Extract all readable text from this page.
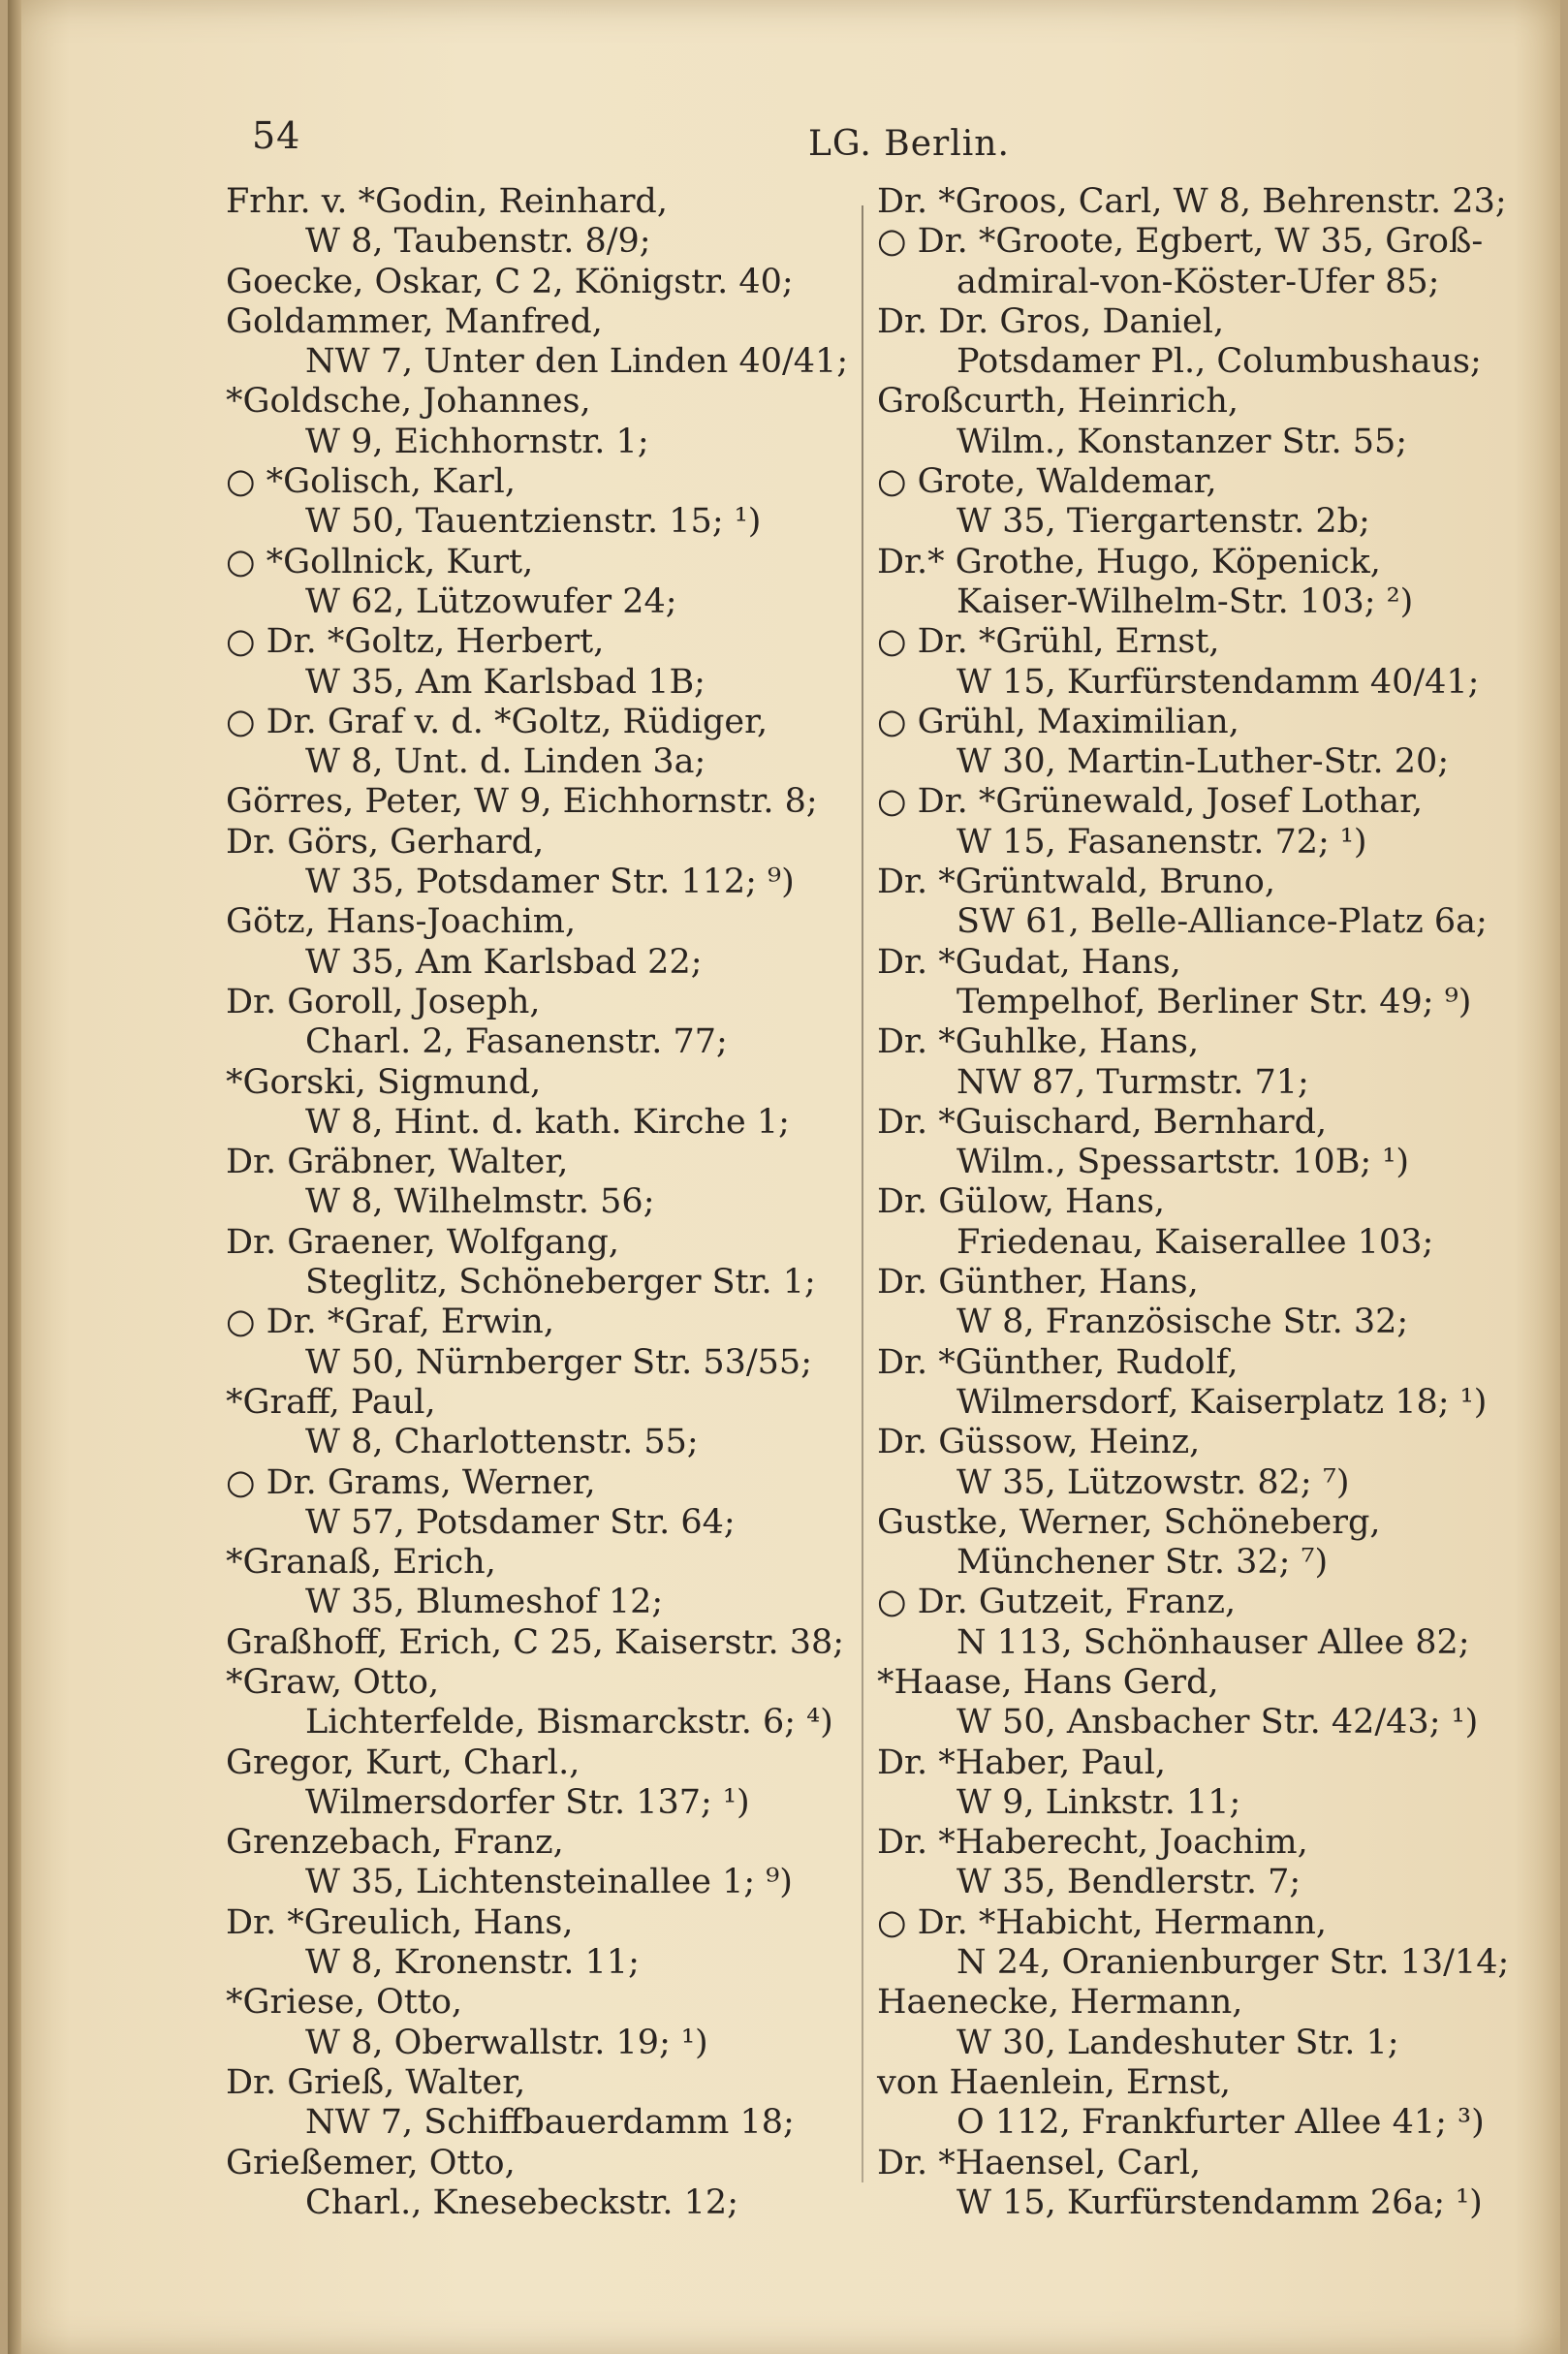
54	LG. Berlin.
Frhr. v. *Godin, Reinhard,
W 8, Taubenstr. 8/9;
Goecke, Oskar, C 2, Königstr. 40;
Goldammer, Manfred,
NW 7, Unter den Linden 40/41;
*Goldsche, Johannes,
W 9, Eichhornstr. 1;
○ *Golisch, Karl,
W 50, Tauentzienstr. 15; ¹)
○ *Gollnick, Kurt,
W 62, Lützowufer 24;
○ Dr. *Goltz, Herbert,
W 35, Am Karlsbad 1B;
○ Dr. Graf v. d. *Goltz, Rüdiger,
W 8, Unt. d. Linden 3a;
Görres, Peter, W 9, Eichhornstr. 8;
Dr. Görs, Gerhard,
W 35, Potsdamer Str. 112; ⁹)
Götz, Hans-Joachim,
W 35, Am Karlsbad 22;
Dr. Goroll, Joseph,
Charl. 2, Fasanenstr. 77;
*Gorski, Sigmund,
W 8, Hint. d. kath. Kirche 1;
Dr. Gräbner, Walter,
W 8, Wilhelmstr. 56;
Dr. Graener, Wolfgang,
Steglitz, Schöneberger Str. 1;
○ Dr. *Graf, Erwin,
W 50, Nürnberger Str. 53/55;
*Graff, Paul,
W 8, Charlottenstr. 55;
○ Dr. Grams, Werner,
W 57, Potsdamer Str. 64;
*Granaß, Erich,
W 35, Blumeshof 12;
Graßhoff, Erich, C 25, Kaiserstr. 38;
*Graw, Otto,
Lichterfelde, Bismarckstr. 6; ⁴)
Gregor, Kurt, Charl.,
Wilmersdorfer Str. 137; ¹)
Grenzebach, Franz,
W 35, Lichtensteinallee 1; ⁹)
Dr. *Greulich, Hans,
W 8, Kronenstr. 11;
*Griese, Otto,
W 8, Oberwallstr. 19; ¹)
Dr. Grieß, Walter,
NW 7, Schiffbauerdamm 18;
Grießemer, Otto,
Charl., Knesebeckstr. 12;
Dr. *Groos, Carl, W 8, Behrenstr. 23;
○ Dr. *Groote, Egbert, W 35, Groß-
admiral-von-Köster-Ufer 85;
Dr. Dr. Gros, Daniel,
Potsdamer Pl., Columbushaus;
Großcurth, Heinrich,
Wilm., Konstanzer Str. 55;
○ Grote, Waldemar,
W 35, Tiergartenstr. 2b;
Dr.* Grothe, Hugo, Köpenick,
Kaiser-Wilhelm-Str. 103; ²)
○ Dr. *Grühl, Ernst,
W 15, Kurfürstendamm 40/41;
○ Grühl, Maximilian,
W 30, Martin-Luther-Str. 20;
○ Dr. *Grünewald, Josef Lothar,
W 15, Fasanenstr. 72; ¹)
Dr. *Grüntwald, Bruno,
SW 61, Belle-Alliance-Platz 6a;
Dr. *Gudat, Hans,
Tempelhof, Berliner Str. 49; ⁹)
Dr. *Guhlke, Hans,
NW 87, Turmstr. 71;
Dr. *Guischard, Bernhard,
Wilm., Spessartstr. 10B; ¹)
Dr. Gülow, Hans,
Friedenau, Kaiserallee 103;
Dr. Günther, Hans,
W 8, Französische Str. 32;
Dr. *Günther, Rudolf,
Wilmersdorf, Kaiserplatz 18; ¹)
Dr. Güssow, Heinz,
W 35, Lützowstr. 82; ⁷)
Gustke, Werner, Schöneberg,
Münchener Str. 32; ⁷)
○ Dr. Gutzeit, Franz,
N 113, Schönhauser Allee 82;
*Haase, Hans Gerd,
W 50, Ansbacher Str. 42/43; ¹)
Dr. *Haber, Paul,
W 9, Linkstr. 11;
Dr. *Haberecht, Joachim,
W 35, Bendlerstr. 7;
○ Dr. *Habicht, Hermann,
N 24, Oranienburger Str. 13/14;
Haenecke, Hermann,
W 30, Landeshuter Str. 1;
von Haenlein, Ernst,
O 112, Frankfurter Allee 41; ³)
Dr. *Haensel, Carl,
W 15, Kurfürstendamm 26a; ¹)
